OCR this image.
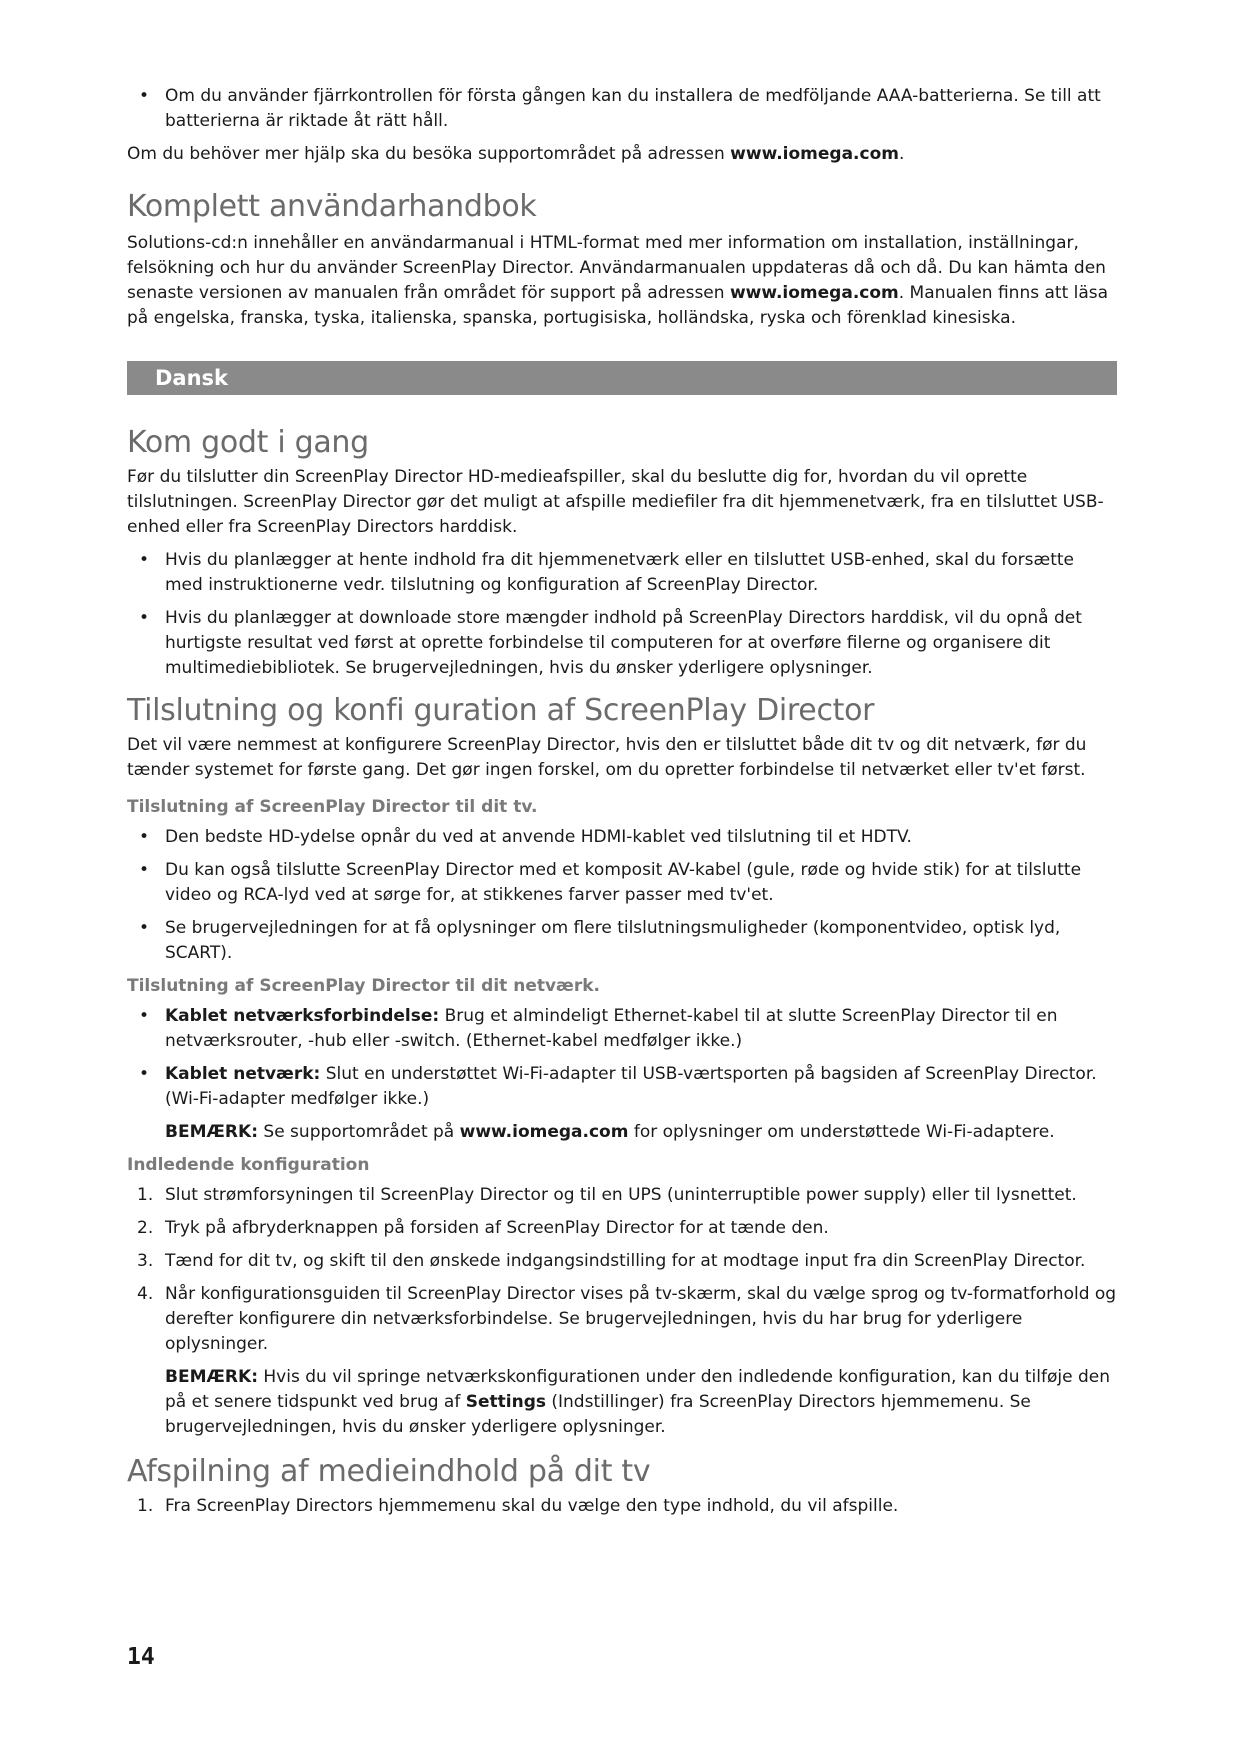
• Om du använder fjärrkontrollen för första gången kan du installera de medföljande AAA-batterierna. Se till att batterierna är riktade åt rätt håll.

Om du behöver mer hjälp ska du besöka supportområdet på adressen www.iomega.com.

Komplett användarhandbok

Solutions-cd:n innehåller en användarmanual i HTML-format med mer information om installation, inställningar, felsökning och hur du använder ScreenPlay Director. Användarmanualen uppdateras då och då. Du kan hämta den senaste versionen av manualen från området för support på adressen www.iomega.com. Manualen finns att läsa på engelska, franska, tyska, italienska, spanska, portugisiska, holländska, ryska och förenklad kinesiska.

Dansk
Kom godt i gang

Før du tilslutter din ScreenPlay Director HD-medieafspiller, skal du beslutte dig for, hvordan du vil oprette tilslutningen. ScreenPlay Director gør det muligt at afspille mediefiler fra dit hjemmenetværk, fra en tilsluttet USB-enhed eller fra ScreenPlay Directors harddisk.

• Hvis du planlægger at hente indhold fra dit hjemmenetværk eller en tilsluttet USB-enhed, skal du forsætte med instruktionerne vedr. tilslutning og konfiguration af ScreenPlay Director.
• Hvis du planlægger at downloade store mængder indhold på ScreenPlay Directors harddisk, vil du opnå det hurtigste resultat ved først at oprette forbindelse til computeren for at overføre filerne og organisere dit multimediebibliotek. Se brugervejledningen, hvis du ønsker yderligere oplysninger.
Tilslutning og konfi guration af ScreenPlay Director

Det vil være nemmest at konfigurere ScreenPlay Director, hvis den er tilsluttet både dit tv og dit netværk, før du tænder systemet for første gang. Det gør ingen forskel, om du opretter forbindelse til netværket eller tv'et først.

Tilslutning af ScreenPlay Director til dit tv.
• Den bedste HD-ydelse opnår du ved at anvende HDMI-kablet ved tilslutning til et HDTV.
• Du kan også tilslutte ScreenPlay Director med et komposit AV-kabel (gule, røde og hvide stik) for at tilslutte video og RCA-lyd ved at sørge for, at stikkenes farver passer med tv'et.
• Se brugervejledningen for at få oplysninger om flere tilslutningsmuligheder (komponentvideo, optisk lyd, SCART).
Tilslutning af ScreenPlay Director til dit netværk.
• Kablet netværksforbindelse: Brug et almindeligt Ethernet-kabel til at slutte ScreenPlay Director til en netværksrouter, -hub eller -switch. (Ethernet-kabel medfølger ikke.)
• Kablet netværk: Slut en understøttet Wi-Fi-adapter til USB-værtsporten på bagsiden af ScreenPlay Director. (Wi-Fi-adapter medfølger ikke.)
BEMÆRK: Se supportområdet på www.iomega.com for oplysninger om understøttede Wi-Fi-adaptere.
Indledende konfiguration
1. Slut strømforsyningen til ScreenPlay Director og til en UPS (uninterruptible power supply) eller til lysnettet.
2. Tryk på afbryderknappen på forsiden af ScreenPlay Director for at tænde den.
3. Tænd for dit tv, og skift til den ønskede indgangsindstilling for at modtage input fra din ScreenPlay Director.
4. Når konfigurationsguiden til ScreenPlay Director vises på tv-skærm, skal du vælge sprog og tv-formatforhold og derefter konfigurere din netværksforbindelse. Se brugervejledningen, hvis du har brug for yderligere oplysninger.
BEMÆRK: Hvis du vil springe netværkskonfigurationen under den indledende konfiguration, kan du tilføje den på et senere tidspunkt ved brug af Settings (Indstillinger) fra ScreenPlay Directors hjemmemenu. Se brugervejledningen, hvis du ønsker yderligere oplysninger.
Afspilning af medieindhold på dit tv
1. Fra ScreenPlay Directors hjemmemenu skal du vælge den type indhold, du vil afspille.
14
